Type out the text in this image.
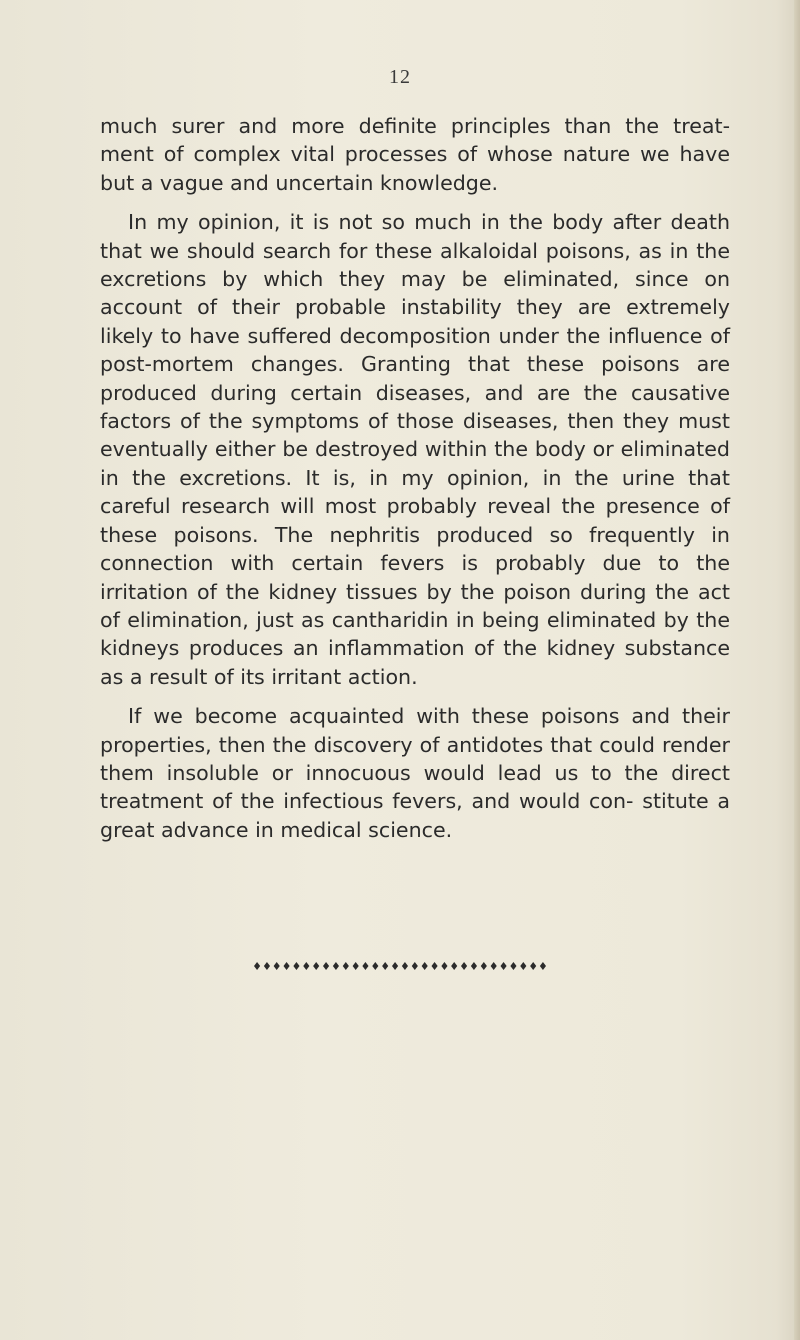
12

much surer and more definite principles than the treat- ment of complex vital processes of whose nature we have but a vague and uncertain knowledge.

In my opinion, it is not so much in the body after death that we should search for these alkaloidal poisons, as in the excretions by which they may be eliminated, since on account of their probable instability they are extremely likely to have suffered decomposition under the influence of post-mortem changes. Granting that these poisons are produced during certain diseases, and are the causative factors of the symptoms of those diseases, then they must eventually either be destroyed within the body or eliminated in the excretions. It is, in my opinion, in the urine that careful research will most probably reveal the presence of these poisons. The nephritis produced so frequently in connection with certain fevers is probably due to the irritation of the kidney tissues by the poison during the act of elimination, just as cantharidin in being eliminated by the kidneys produces an inflammation of the kidney substance as a result of its irritant action.

If we become acquainted with these poisons and their properties, then the discovery of antidotes that could render them insoluble or innocuous would lead us to the direct treatment of the infectious fevers, and would con- stitute a great advance in medical science.

♦♦♦♦♦♦♦♦♦♦♦♦♦♦♦♦♦♦♦♦♦♦♦♦♦♦♦♦♦♦
